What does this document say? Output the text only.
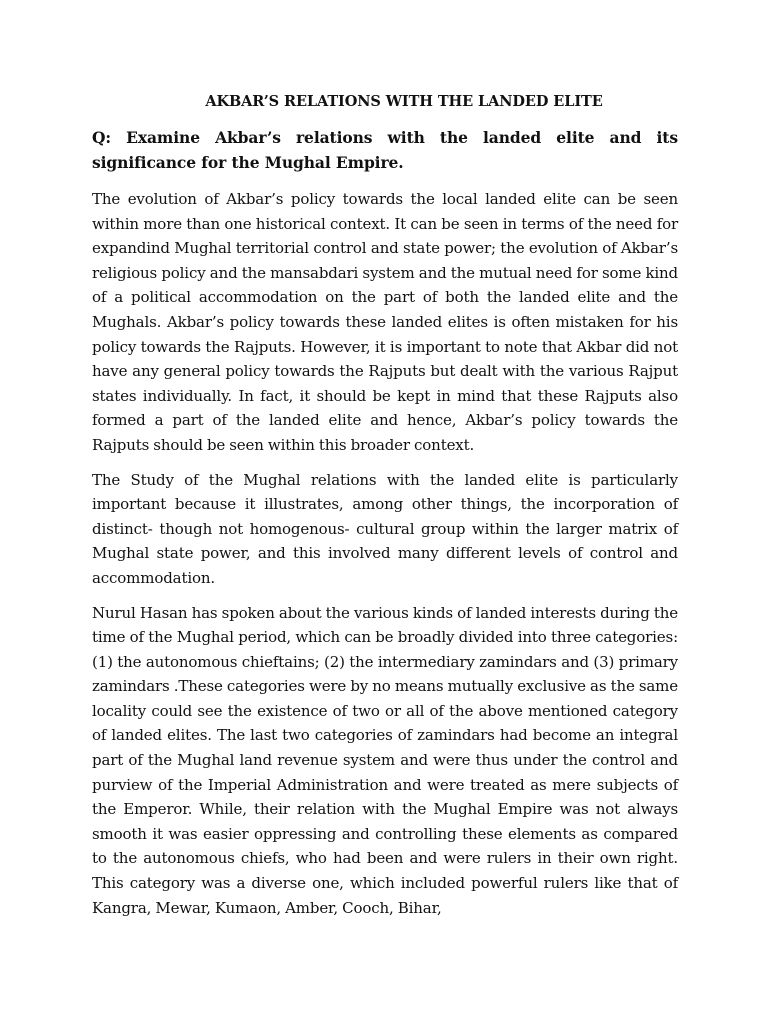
AKBAR’S RELATIONS WITH THE LANDED ELITE
Q: Examine Akbar’s relations with the landed elite and its significance for the Mughal Empire.

The evolution of Akbar’s policy towards the local landed elite can be seen within more than one historical context. It can be seen in terms of the need for expandind Mughal territorial control and state power; the evolution of Akbar’s religious policy and the mansabdari system and the mutual need for some kind of a political accommodation on the part of both the landed elite and the Mughals. Akbar’s policy towards these landed elites is often mistaken for his policy towards the Rajputs. However, it is important to note that Akbar did not have any general policy towards the Rajputs but dealt with the various Rajput states individually. In fact, it should be kept in mind that these Rajputs also formed a part of the landed elite and hence, Akbar’s policy towards the Rajputs should be seen within this broader context.

The Study of the Mughal relations with the landed elite is particularly important because it illustrates, among other things, the incorporation of distinct- though not homogenous- cultural group within the larger matrix of Mughal state power, and this involved many different levels of control and accommodation.

Nurul Hasan has spoken about the various kinds of landed interests during the time of the Mughal period, which can be broadly divided into three categories: (1) the autonomous chieftains; (2) the intermediary zamindars and (3) primary zamindars .These categories were by no means mutually exclusive as the same locality could see the existence of two or all of the above mentioned category of landed elites. The last two categories of zamindars had become an integral part of the Mughal land revenue system and were thus under the control and purview of the Imperial Administration and were treated as mere subjects of the Emperor. While, their relation with the Mughal Empire was not always smooth it was easier oppressing and controlling these elements as compared to the autonomous chiefs, who had been and were rulers in their own right. This category was a diverse one, which included powerful rulers like that of Kangra, Mewar, Kumaon, Amber, Cooch, Bihar,
